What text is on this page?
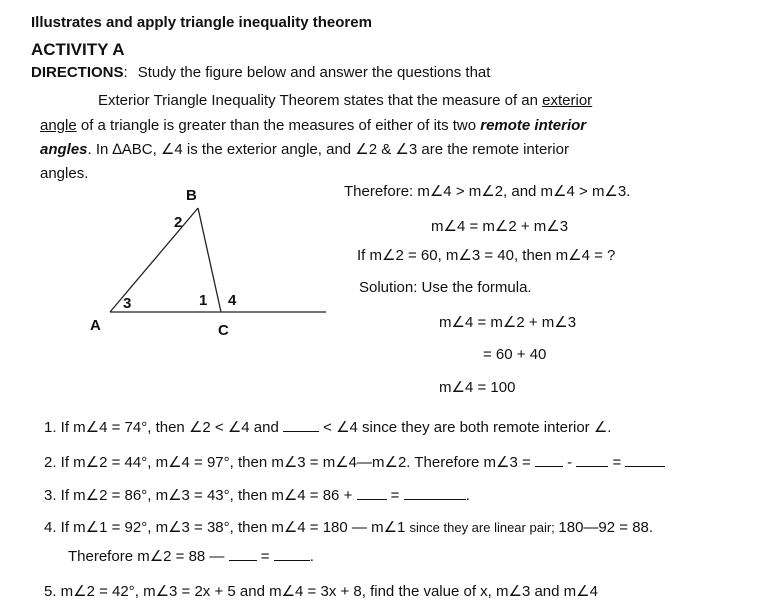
Illustrates and apply triangle inequality theorem
ACTIVITY A
DIRECTIONS: Study the figure below and answer the questions that
Exterior Triangle Inequality Theorem states that the measure of an exterior
angle of a triangle is greater than the measures of either of its two remote interior
angles. In ∆ABC, ∠4 is the exterior angle, and ∠2 & ∠3 are the remote interior
angles.
B
A	C
2
3	1 4
Therefore: m∠4 > m∠2, and m∠4 > m∠3.
m∠4 = m∠2 + m∠3
If m∠2 = 60, m∠3 = 40, then m∠4 = ?
Solution: Use the formula.
m∠4 = m∠2 + m∠3
= 60 + 40
m∠4 = 100
1. If m∠4 = 74°, then ∠2 < ∠4 and  < ∠4 since they are both remote interior ∠.
2. If m∠2 = 44°, m∠4 = 97°, then m∠3 = m∠4—m∠2. Therefore m∠3 =  -  =
3. If m∠2 = 86°, m∠3 = 43°, then m∠4 = 86 +  =	.
4. If m∠1 = 92°, m∠3 = 38°, then m∠4 = 180 — m∠1 since they are linear pair; 180—92 = 88.
Therefore m∠2 = 88 —  = .
5. m∠2 = 42°, m∠3 = 2x + 5 and m∠4 = 3x + 8, find the value of x, m∠3 and m∠4
